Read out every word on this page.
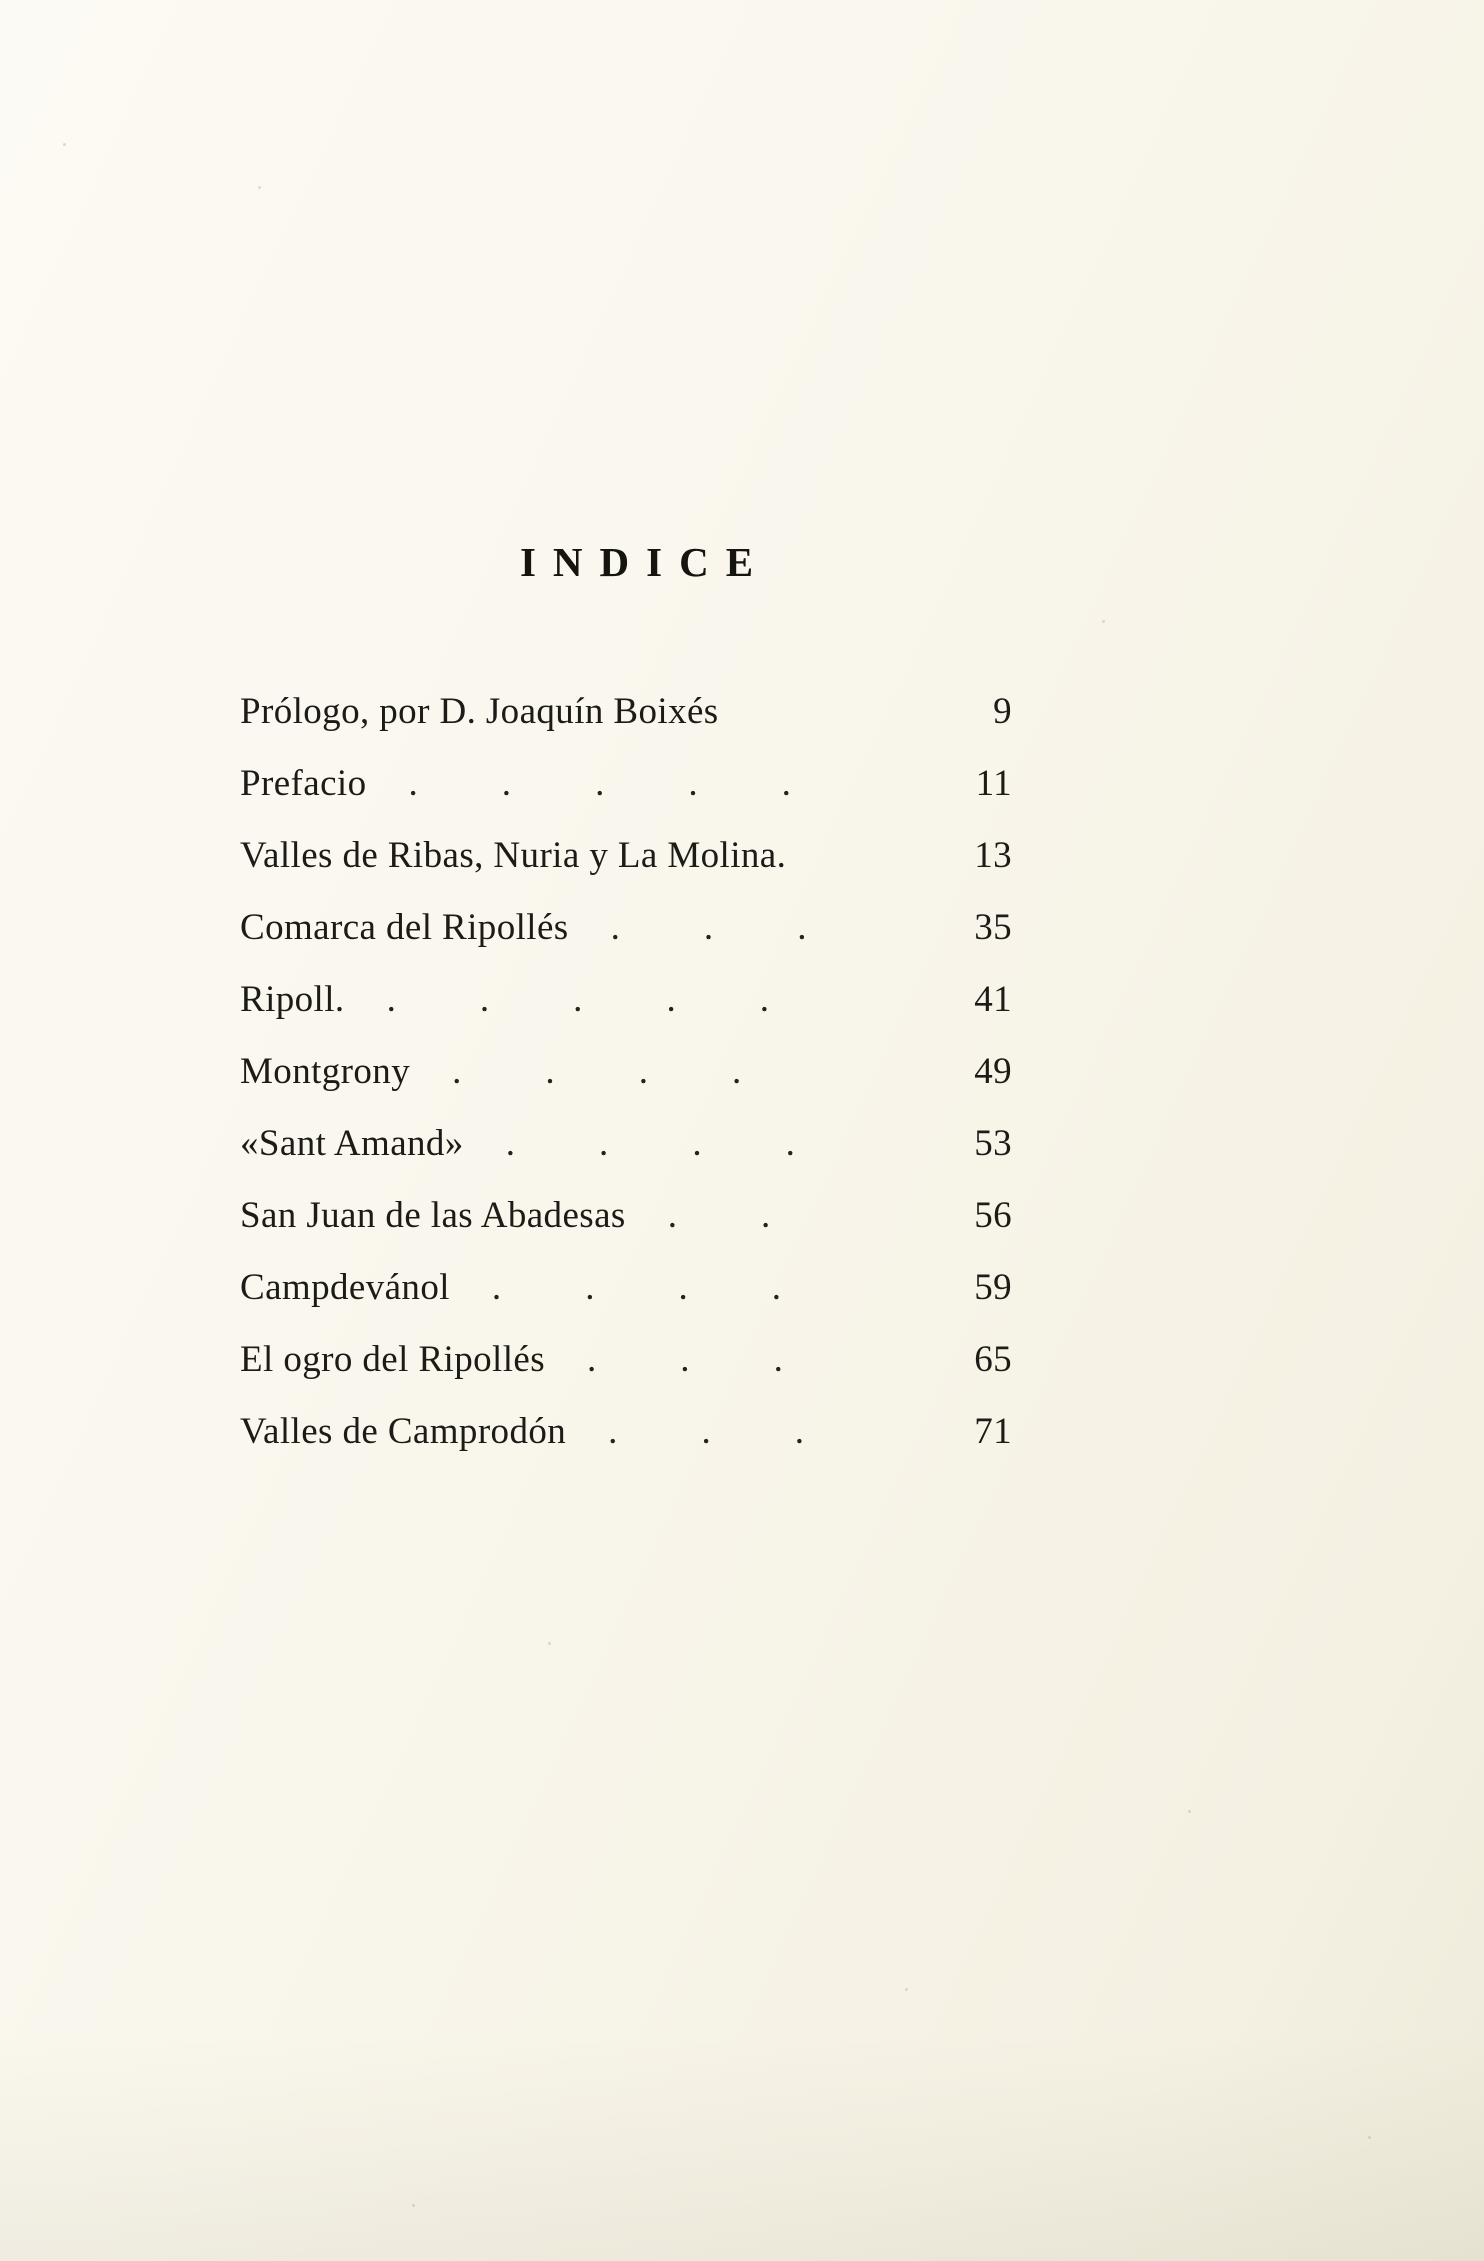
INDICE
Prólogo, por D. Joaquín Boixés	9
Prefacio	. . . . .	11
Valles de Ribas, Nuria y La Molina.	13
Comarca del Ripollés	. . .	35
Ripoll.	. . . . .	41
Montgrony	. . . .	49
«Sant Amand»	. . . .	53
San Juan de las Abadesas	. .	56
Campdevánol	. . . .	59
El ogro del Ripollés	. . .	65
Valles de Camprodón	. . .	71
